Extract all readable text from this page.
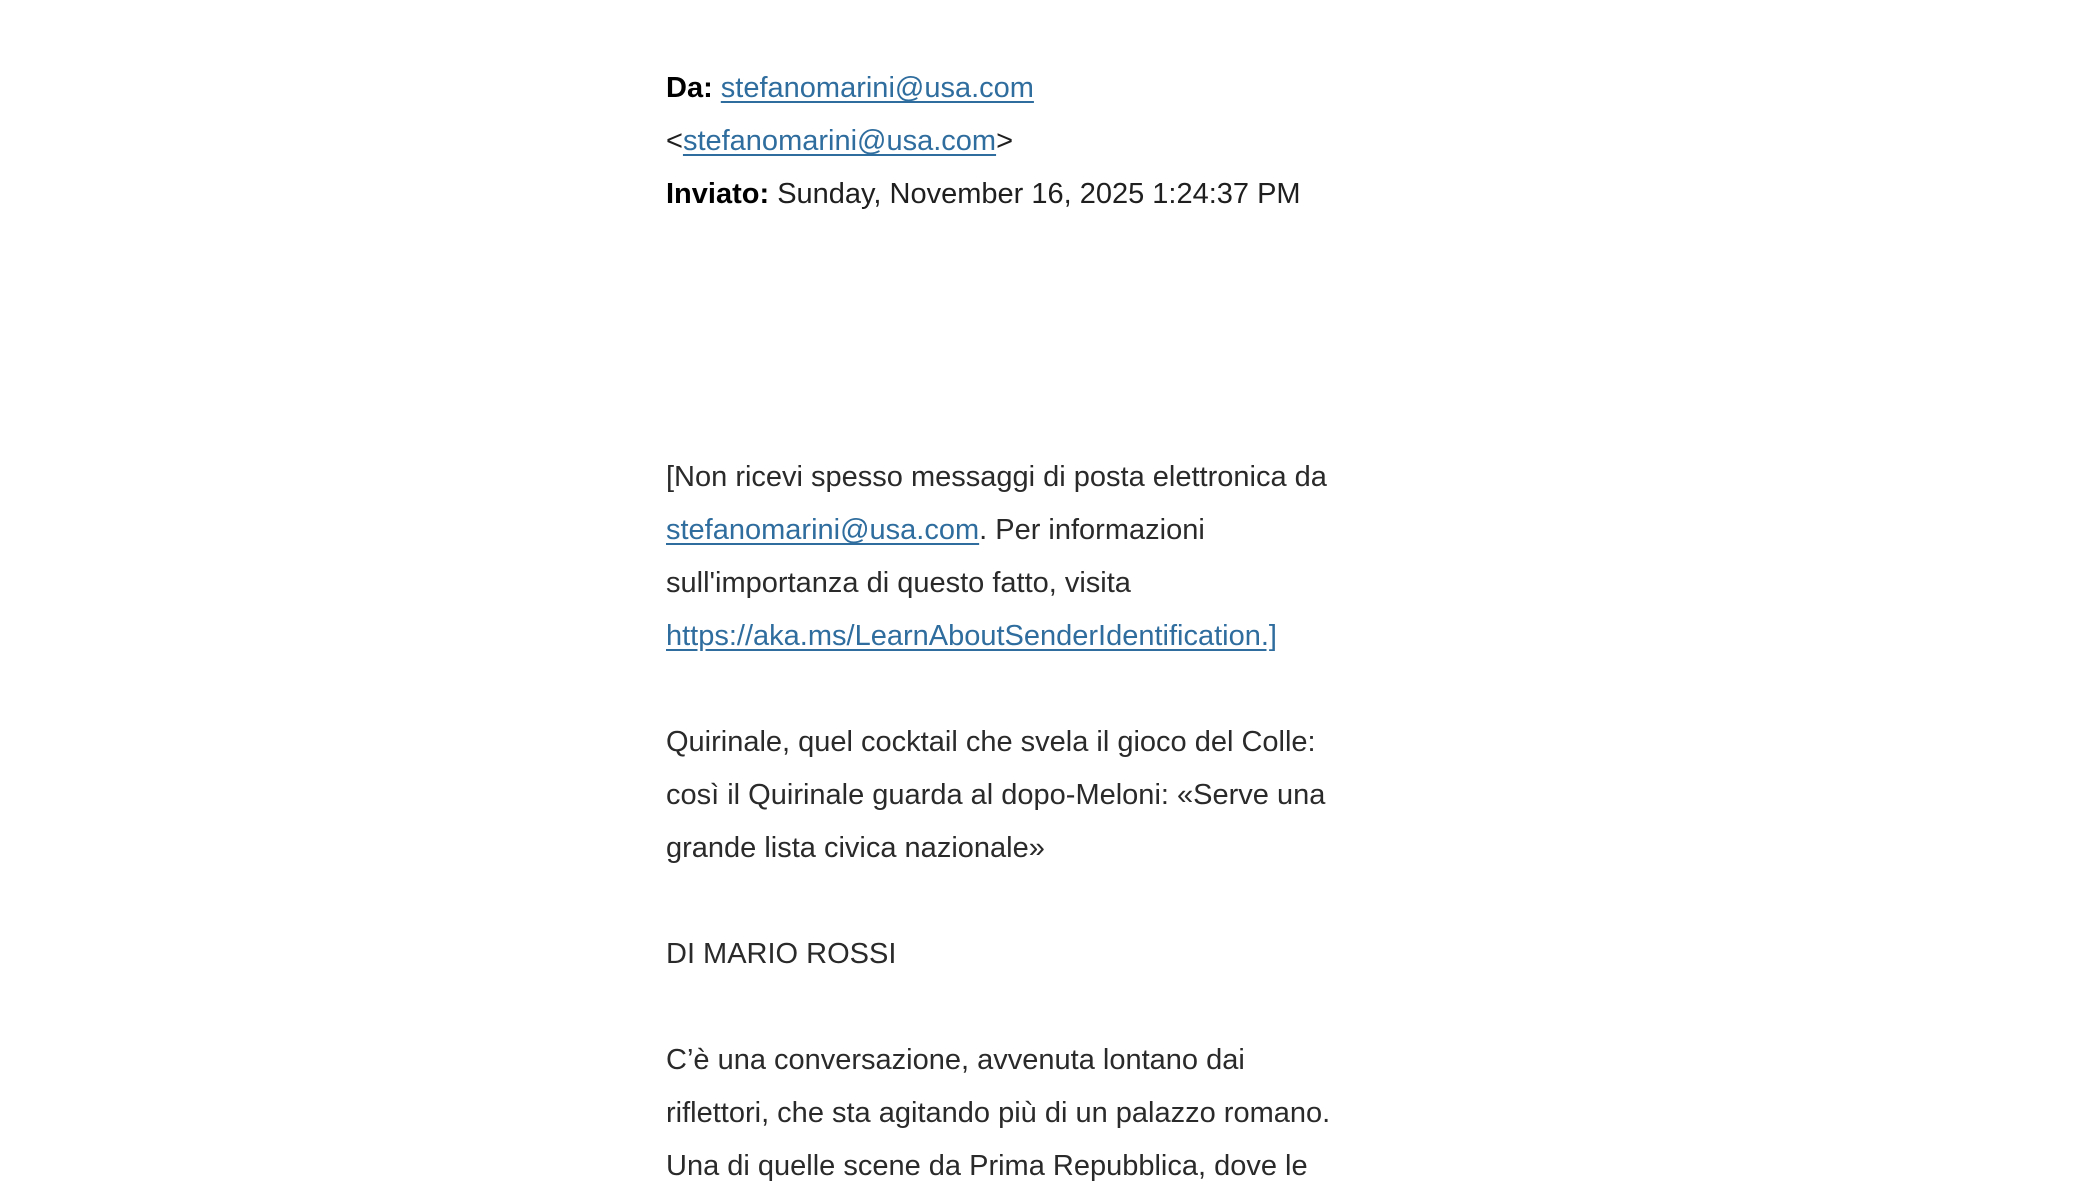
Da: stefanomarini@usa.com
<stefanomarini@usa.com>
Inviato: Sunday, November 16, 2025 1:24:37 PM
[Non ricevi spesso messaggi di posta elettronica da
stefanomarini@usa.com. Per informazioni
sull'importanza di questo fatto, visita
https://aka.ms/LearnAboutSenderIdentification.]
Quirinale, quel cocktail che svela il gioco del Colle:
così il Quirinale guarda al dopo-Meloni: «Serve una
grande lista civica nazionale»
DI MARIO ROSSI
C’è una conversazione, avvenuta lontano dai
riflettori, che sta agitando più di un palazzo romano.
Una di quelle scene da Prima Repubblica, dove le
